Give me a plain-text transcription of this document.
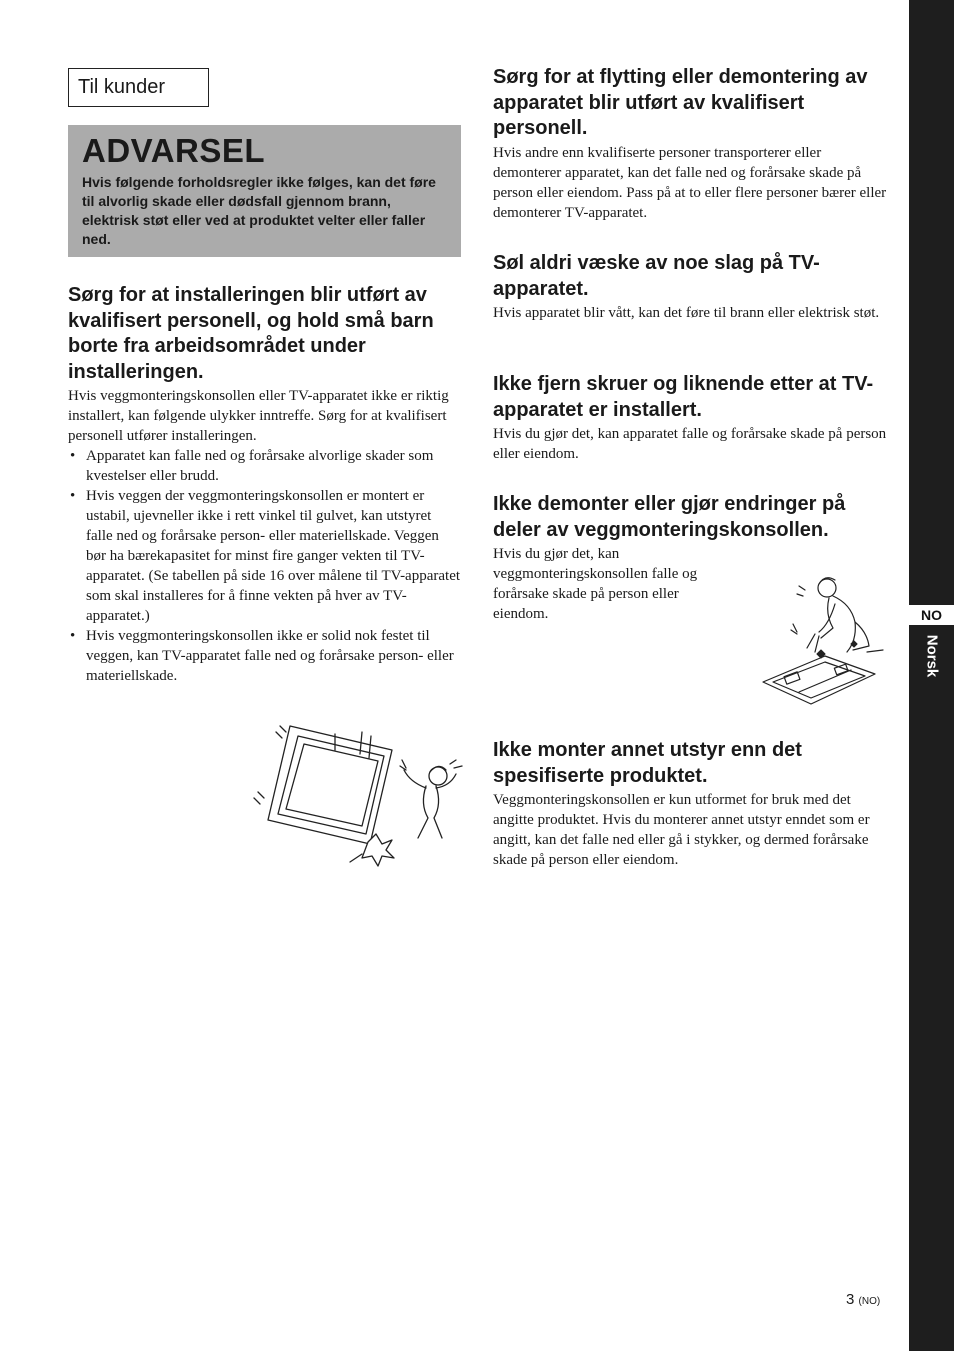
NO
Norsk
Til kunder

ADVARSEL

Hvis følgende forholdsregler ikke følges, kan det føre til alvorlig skade eller dødsfall gjennom brann, elektrisk støt eller ved at produktet velter eller faller ned.

Sørg for at installeringen blir utført av kvalifisert personell, og hold små barn borte fra arbeidsområdet under installeringen.

Hvis veggmonteringskonsollen eller TV-apparatet ikke er riktig installert, kan følgende ulykker inntreffe. Sørg for at kvalifisert personell utfører installeringen.

• Apparatet kan falle ned og forårsake alvorlige skader som kvestelser eller brudd.
• Hvis veggen der veggmonteringskonsollen er montert er ustabil, ujevneller ikke i rett vinkel til gulvet, kan utstyret falle ned og forårsake person- eller materiellskade. Veggen bør ha bærekapasitet for minst fire ganger vekten til TV-apparatet. (Se tabellen på side 16 over målene til TV-apparatet som skal installeres for å finne vekten på hver av TV-apparatet.)
• Hvis veggmonteringskonsollen ikke er solid nok festet til veggen, kan TV-apparatet falle ned og forårsake person- eller materiellskade.

Sørg for at flytting eller demontering av apparatet blir utført av kvalifisert personell.

Hvis andre enn kvalifiserte personer transporterer eller demonterer apparatet, kan det falle ned og forårsake skade på person eller eiendom. Pass på at to eller flere personer bærer eller demonterer TV-apparatet.

Søl aldri væske av noe slag på TV-apparatet.

Hvis apparatet blir vått, kan det føre til brann eller elektrisk støt.

Ikke fjern skruer og liknende etter at TV-apparatet er installert.

Hvis du gjør det, kan apparatet falle og forårsake skade på person eller eiendom.

Ikke demonter eller gjør endringer på deler av veggmonteringskonsollen.

Hvis du gjør det, kan veggmonteringskonsollen falle og forårsake skade på person eller eiendom.

Ikke monter annet utstyr enn det spesifiserte produktet.

Veggmonteringskonsollen er kun utformet for bruk med det angitte produktet. Hvis du monterer annet utstyr enndet som er angitt, kan det falle ned eller gå i stykker, og dermed forårsake skade på person eller eiendom.

3 (NO)
